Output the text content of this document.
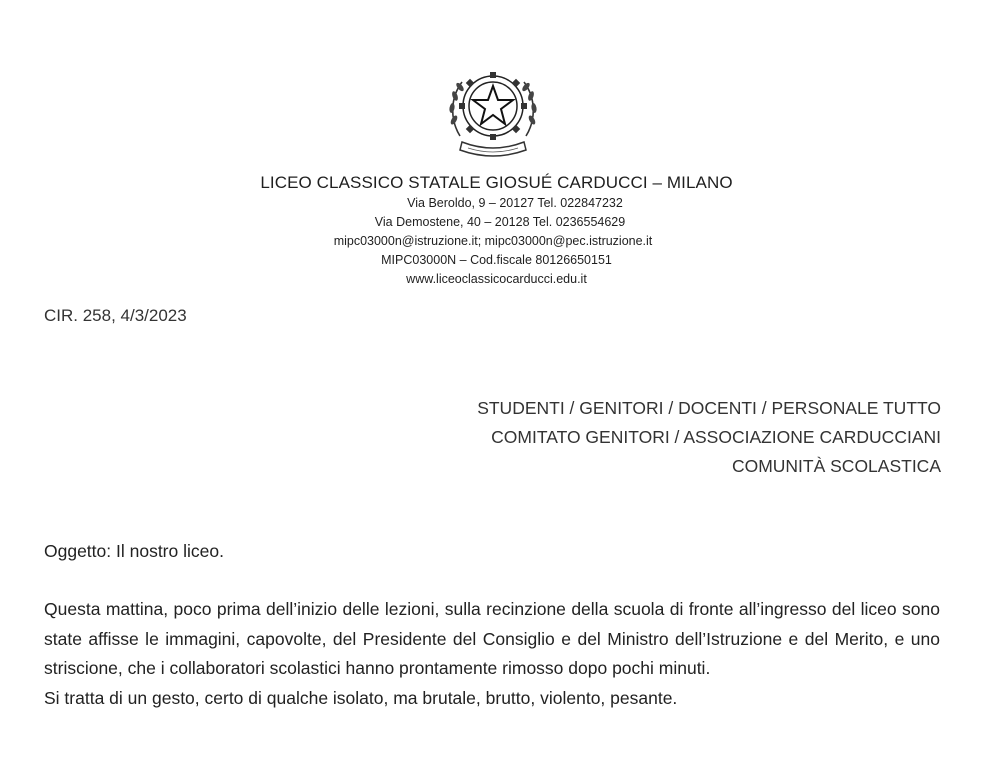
LICEO CLASSICO STATALE GIOSUÉ CARDUCCI – MILANO
Via Beroldo, 9 – 20127 Tel. 022847232
Via Demostene, 40 – 20128 Tel. 0236554629
mipc03000n@istruzione.it; mipc03000n@pec.istruzione.it
MIPC03000N – Cod.fiscale 80126650151
www.liceoclassicocarducci.edu.it
CIR. 258, 4/3/2023
STUDENTI / GENITORI / DOCENTI / PERSONALE TUTTO
COMITATO GENITORI / ASSOCIAZIONE CARDUCCIANI
COMUNITÀ SCOLASTICA
Oggetto: Il nostro liceo.
Questa mattina, poco prima dell’inizio delle lezioni, sulla recinzione della scuola di fronte all’ingresso del liceo sono state affisse le immagini, capovolte, del Presidente del Consiglio e del Ministro dell’Istruzione e del Merito, e uno striscione, che i collaboratori scolastici hanno prontamente rimosso dopo pochi minuti.
Si tratta di un gesto, certo di qualche isolato, ma brutale, brutto, violento, pesante.
